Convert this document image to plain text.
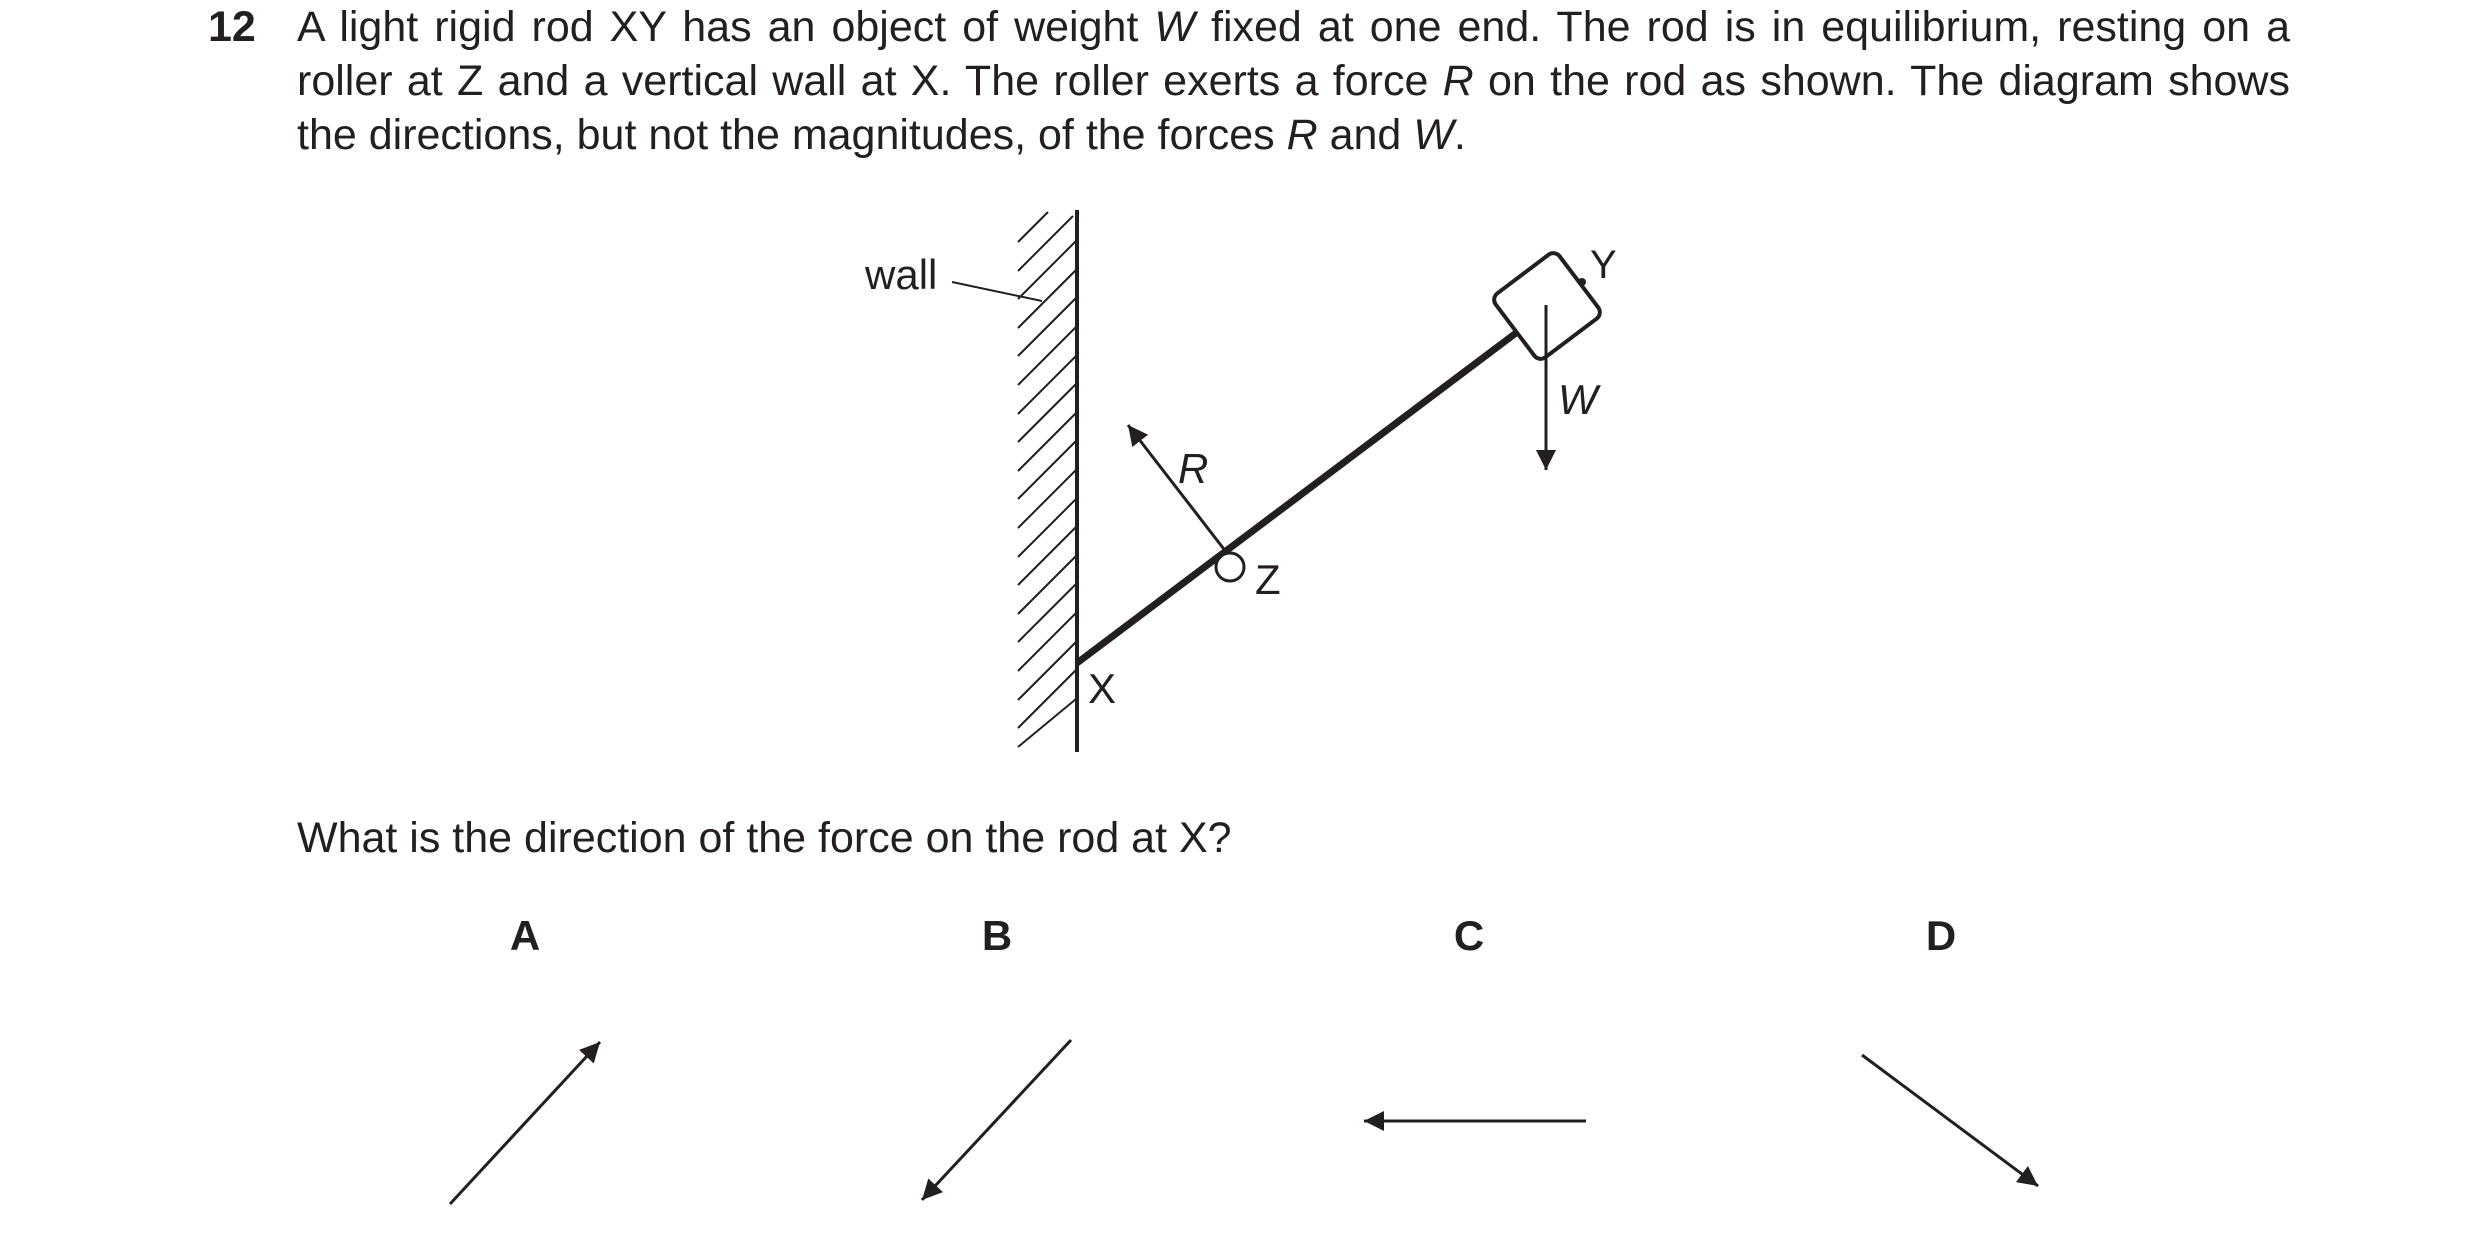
12 A light rigid rod XY has an object of weight W fixed at one end. The rod is in equilibrium, resting on a roller at Z and a vertical wall at X. The roller exerts a force R on the rod as shown. The diagram shows the directions, but not the magnitudes, of the forces R and W.
wall	Y
W
R
Z
X
A	B	C	D
What is the direction of the force on the rod at X?
